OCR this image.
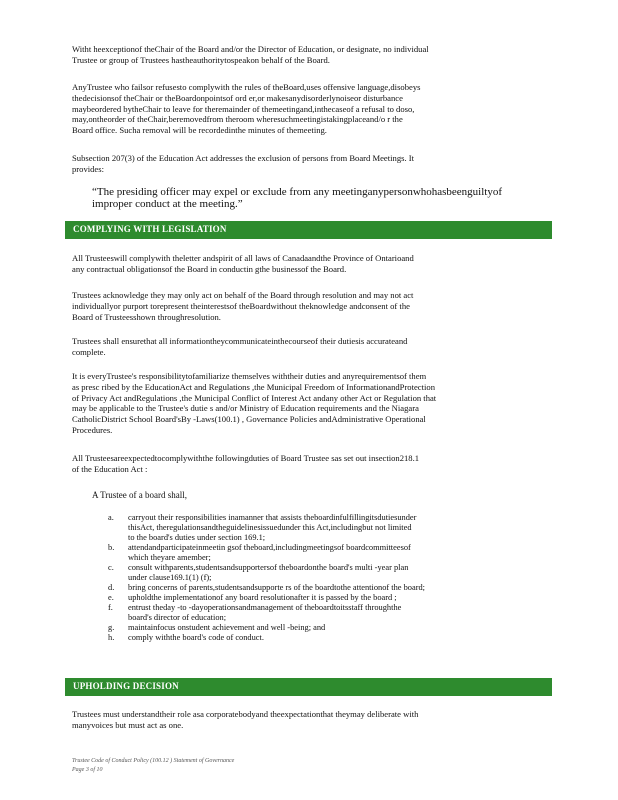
Witht heexceptionof theChair of the Board and/or the Director of Education, or designate, no individual
Trustee or group of Trustees hastheauthoritytospeakon behalf of the Board.

AnyTrustee who failsor refusesto complywith the rules of theBoard,uses offensive language,disobeys
thedecisionsof theChair or theBoardonpointsof ord er,or makesanydisorderlynoiseor disturbance
maybeordered bytheChair to leave for theremainder of themeetingand,inthecaseof a refusal to doso,
may,ontheorder of theChair,beremovedfrom theroom wheresuchmeetingistakingplaceand/o r the
Board office. Sucha removal will be recordedinthe minutes of themeeting.

Subsection 207(3) of the Education Act addresses the exclusion of persons from Board Meetings. It
provides:

“The presiding officer may expel or exclude from any meetinganypersonwhohasbeenguiltyof
improper conduct at the meeting.”

COMPLYING WITH LEGISLATION

All Trusteeswill complywith theletter andspirit of all laws of Canadaandthe Province of Ontarioand
any contractual obligationsof the Board in conductin gthe businessof the Board.

Trustees acknowledge they may only act on behalf of the Board through resolution and may not act
individuallyor purport torepresent theinterestsof theBoardwithout theknowledge andconsent of the
Board of Trusteesshown throughresolution.

Trustees shall ensurethat all informationtheycommunicateinthecourseof their dutiesis accurateand
complete.

It is everyTrustee's responsibilitytofamiliarize themselves withtheir duties and anyrequirementsof them
as presc ribed by the EducationAct and Regulations ,the Municipal Freedom of InformationandProtection
of Privacy Act andRegulations ,the Municipal Conflict of Interest Act andany other Act or Regulation that
may be applicable to the Trustee's dutie s and/or Ministry of Education requirements and the Niagara
CatholicDistrict School Board'sBy -Laws(100.1) , Governance Policies andAdministrative Operational
Procedures.

All Trusteesareexpectedtocomplywiththe followingduties of Board Trustee sas set out insection218.1
of the Education Act :

A Trustee of a board shall,
a. carryout their responsibilities inamanner that assists theboardinfulfillingitsdutiesunder
thisAct, theregulationsandtheguidelinesissuedunder this Act,includingbut not limited
to the board's duties under section 169.1;
b. attendandparticipateinmeetin gsof theboard,includingmeetingsof boardcommitteesof
which theyare amember;
c. consult withparents,studentsandsupportersof theboardonthe board's multi -year plan
under clause169.1(1) (f);
d. bring concerns of parents,studentsandsupporte rs of the boardtothe attentionof the board;
e. upholdthe implementationof any board resolutionafter it is passed by the board ;
f. entrust theday -to -dayoperationsandmanagement of theboardtoitsstaff throughthe
board's director of education;
g. maintainfocus onstudent achievement and well -being; and
h. comply withthe board's code of conduct.
UPHOLDING DECISION

Trustees must understandtheir role asa corporatebodyand theexpectationthat theymay deliberate with
manyvoices but must act as one.

Trustee Code of Conduct Policy (100.12 ) Statement of Governance
Page 3 of 10
